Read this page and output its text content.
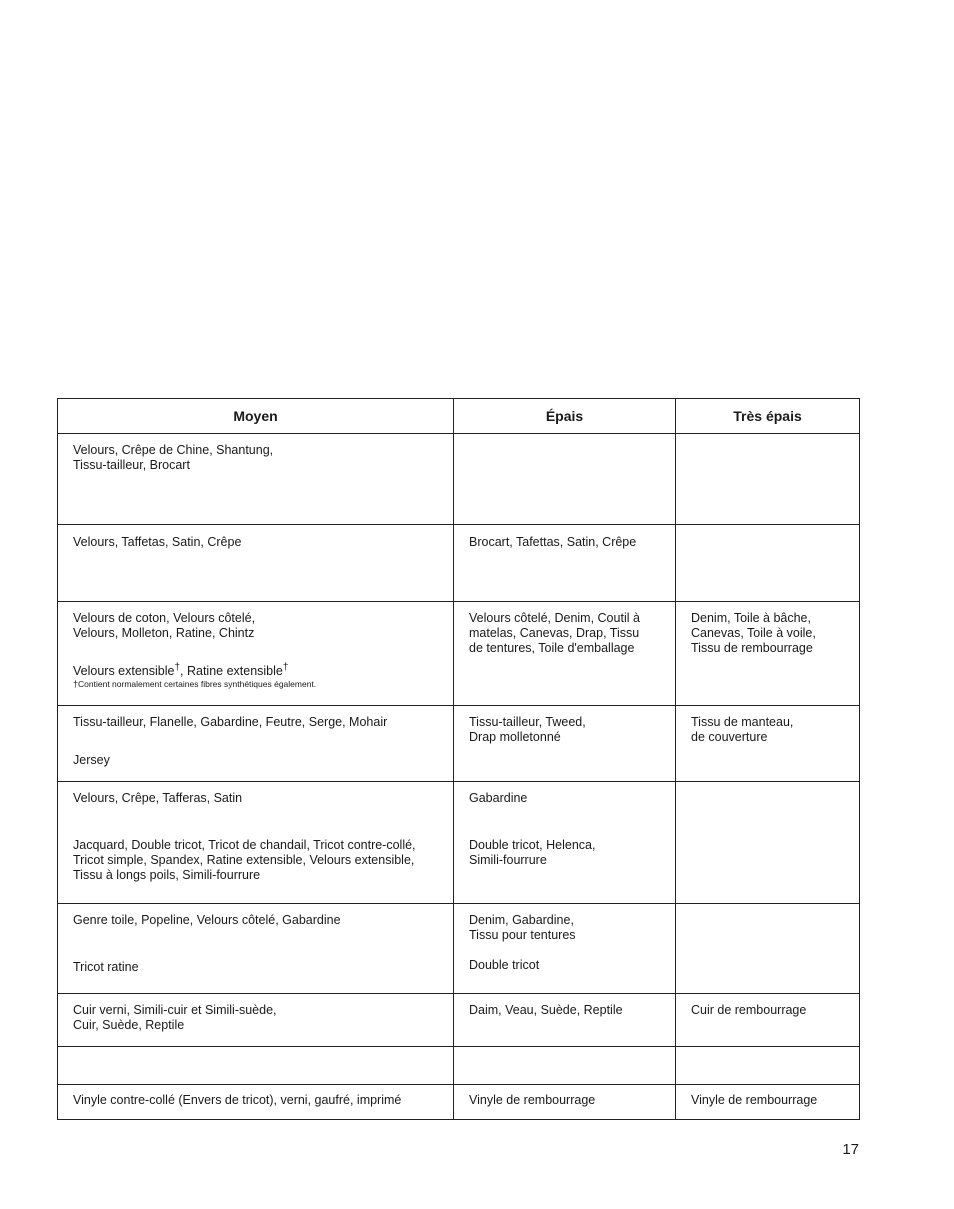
Moyen	Épais	Très épais

Velours, Crêpe de Chine, Shantung,
Tissu-tailleur, Brocart		

Velours, Taffetas, Satin, Crêpe	Brocart, Tafettas, Satin, Crêpe	

Velours de coton, Velours côtelé,
Velours, Molleton, Ratine, Chintz
Velours extensible†, Ratine extensible†
†Contient normalement certaines fibres synthétiques également.	Velours côtelé, Denim, Coutil à
matelas, Canevas, Drap, Tissu
de tentures, Toile d'emballage	Denim, Toile à bâche,
Canevas, Toile à voile,
Tissu de rembourrage

Tissu-tailleur, Flanelle, Gabardine, Feutre, Serge, Mohair
Jersey	Tissu-tailleur, Tweed,
Drap molletonné	Tissu de manteau,
de couverture

Velours, Crêpe, Tafferas, Satin
Jacquard, Double tricot, Tricot de chandail, Tricot contre-collé,
Tricot simple, Spandex, Ratine extensible, Velours extensible,
Tissu à longs poils, Simili-fourrure	Gabardine
Double tricot, Helenca,
Simili-fourrure	

Genre toile, Popeline, Velours côtelé, Gabardine
Tricot ratine	Denim, Gabardine,
Tissu pour tentures
Double tricot	

Cuir verni, Simili-cuir et Simili-suède,
Cuir, Suède, Reptile	Daim, Veau, Suède, Reptile	Cuir de rembourrage

Vinyle contre-collé (Envers de tricot), verni, gaufré, imprimé	Vinyle de rembourrage	Vinyle de rembourrage
17
